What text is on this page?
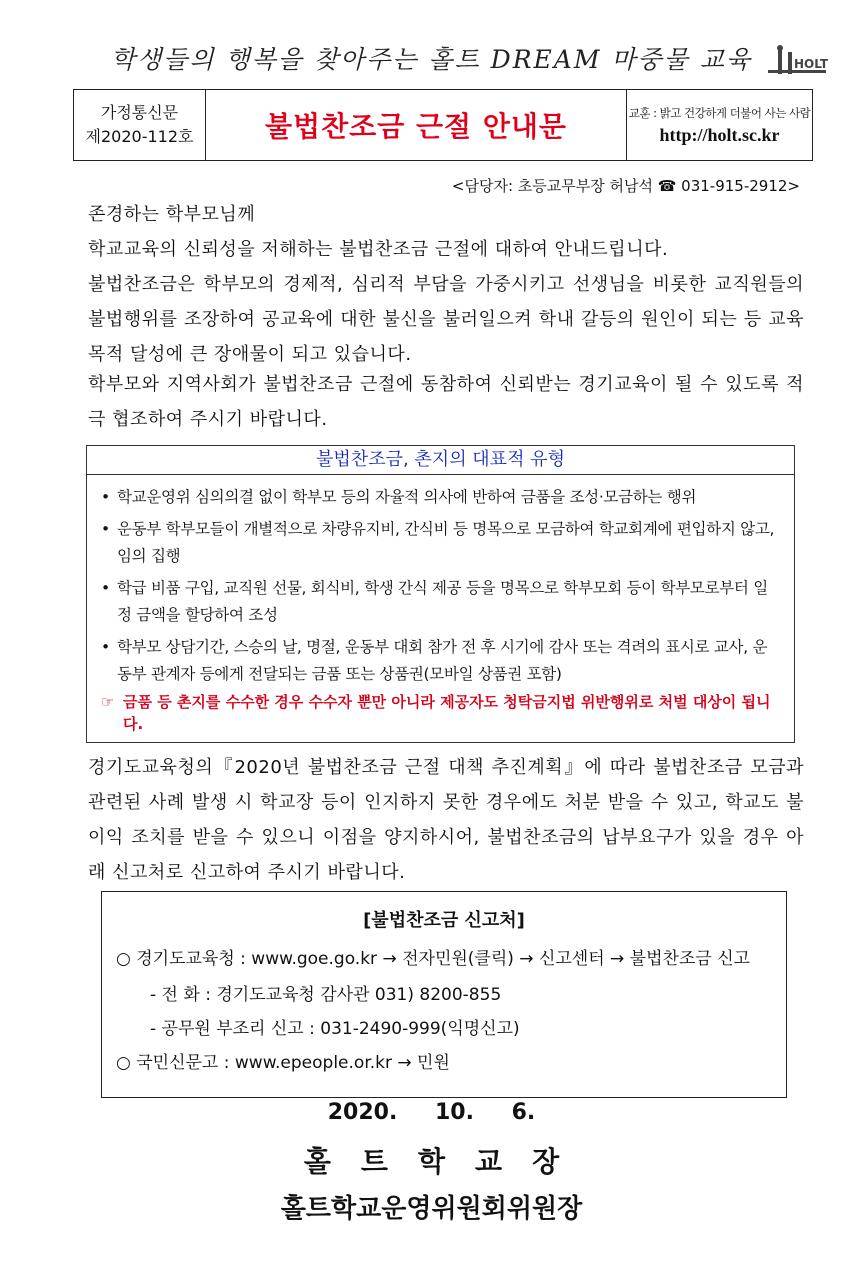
학생들의 행복을 찾아주는 홀트 DREAM 마중물 교육	HOLT
가정통신문
제2020-112호	불법찬조금 근절 안내문	교훈 : 밝고 건강하게 더불어 사는 사람
http://holt.sc.kr
<담당자: 초등교무부장 허남석 ☎ 031-915-2912>
존경하는 학부모님께
학교교육의 신뢰성을 저해하는 불법찬조금 근절에 대하여 안내드립니다.
불법찬조금은 학부모의 경제적, 심리적 부담을 가중시키고 선생님을 비롯한 교직원들의 불법행위를 조장하여 공교육에 대한 불신을 불러일으켜 학내 갈등의 원인이 되는 등 교육목적 달성에 큰 장애물이 되고 있습니다.
학부모와 지역사회가 불법찬조금 근절에 동참하여 신뢰받는 경기교육이 될 수 있도록 적극 협조하여 주시기 바랍니다.
불법찬조금, 촌지의 대표적 유형
• 학교운영위 심의의결 없이 학부모 등의 자율적 의사에 반하여 금품을 조성·모금하는 행위
• 운동부 학부모들이 개별적으로 차량유지비, 간식비 등 명목으로 모금하여 학교회계에 편입하지 않고, 임의 집행
• 학급 비품 구입, 교직원 선물, 회식비, 학생 간식 제공 등을 명목으로 학부모회 등이 학부모로부터 일정 금액을 할당하여 조성
• 학부모 상담기간, 스승의 날, 명절, 운동부 대회 참가 전 후 시기에 감사 또는 격려의 표시로 교사, 운동부 관계자 등에게 전달되는 금품 또는 상품권(모바일 상품권 포함)
☞ 금품 등 촌지를 수수한 경우 수수자 뿐만 아니라 제공자도 청탁금지법 위반행위로 처벌 대상이 됩니다.
경기도교육청의『2020년 불법찬조금 근절 대책 추진계획』에 따라 불법찬조금 모금과 관련된 사례 발생 시 학교장 등이 인지하지 못한 경우에도 처분 받을 수 있고, 학교도 불이익 조치를 받을 수 있으니 이점을 양지하시어, 불법찬조금의 납부요구가 있을 경우 아래 신고처로 신고하여 주시기 바랍니다.
[불법찬조금 신고처]
○ 경기도교육청 : www.goe.go.kr → 전자민원(클릭) → 신고센터 → 불법찬조금 신고
- 전 화 : 경기도교육청 감사관 031) 8200-855
- 공무원 부조리 신고 : 031-2490-999(익명신고)
○ 국민신문고 : www.epeople.or.kr → 민원
2020. 10. 6.
홀트학교장
홀트학교운영위원회위원장
